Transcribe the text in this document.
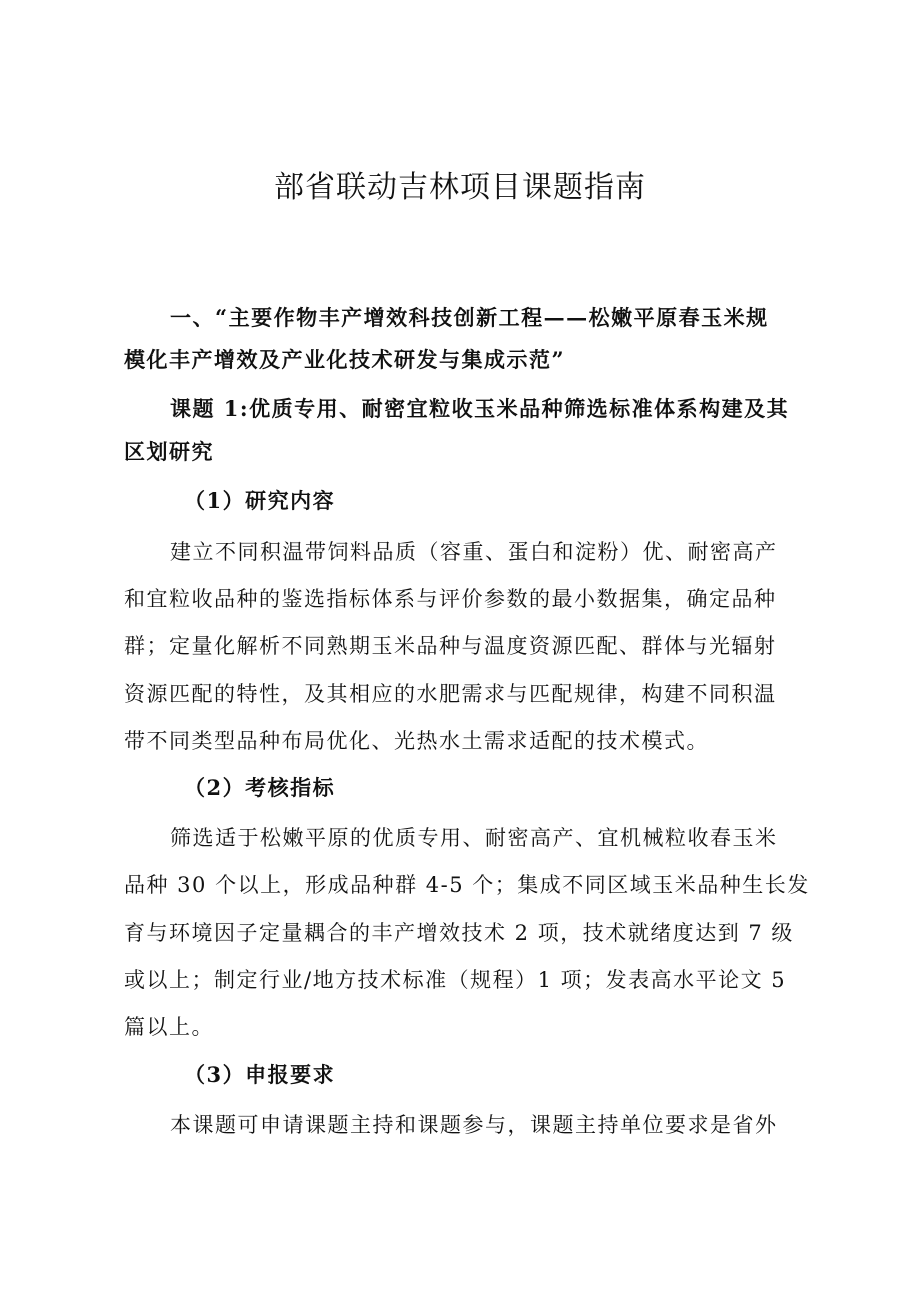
部省联动吉林项目课题指南
一、“主要作物丰产增效科技创新工程——松嫩平原春玉米规
模化丰产增效及产业化技术研发与集成示范”
课题 1:优质专用、耐密宜粒收玉米品种筛选标准体系构建及其
区划研究
（1）研究内容
建立不同积温带饲料品质（容重、蛋白和淀粉）优、耐密高产
和宜粒收品种的鉴选指标体系与评价参数的最小数据集，确定品种
群；定量化解析不同熟期玉米品种与温度资源匹配、群体与光辐射
资源匹配的特性，及其相应的水肥需求与匹配规律，构建不同积温
带不同类型品种布局优化、光热水土需求适配的技术模式。
（2）考核指标
筛选适于松嫩平原的优质专用、耐密高产、宜机械粒收春玉米
品种 30 个以上，形成品种群 4-5 个；集成不同区域玉米品种生长发
育与环境因子定量耦合的丰产增效技术 2 项，技术就绪度达到 7 级
或以上；制定行业/地方技术标准（规程）1 项；发表高水平论文 5
篇以上。
（3）申报要求
本课题可申请课题主持和课题参与，课题主持单位要求是省外
